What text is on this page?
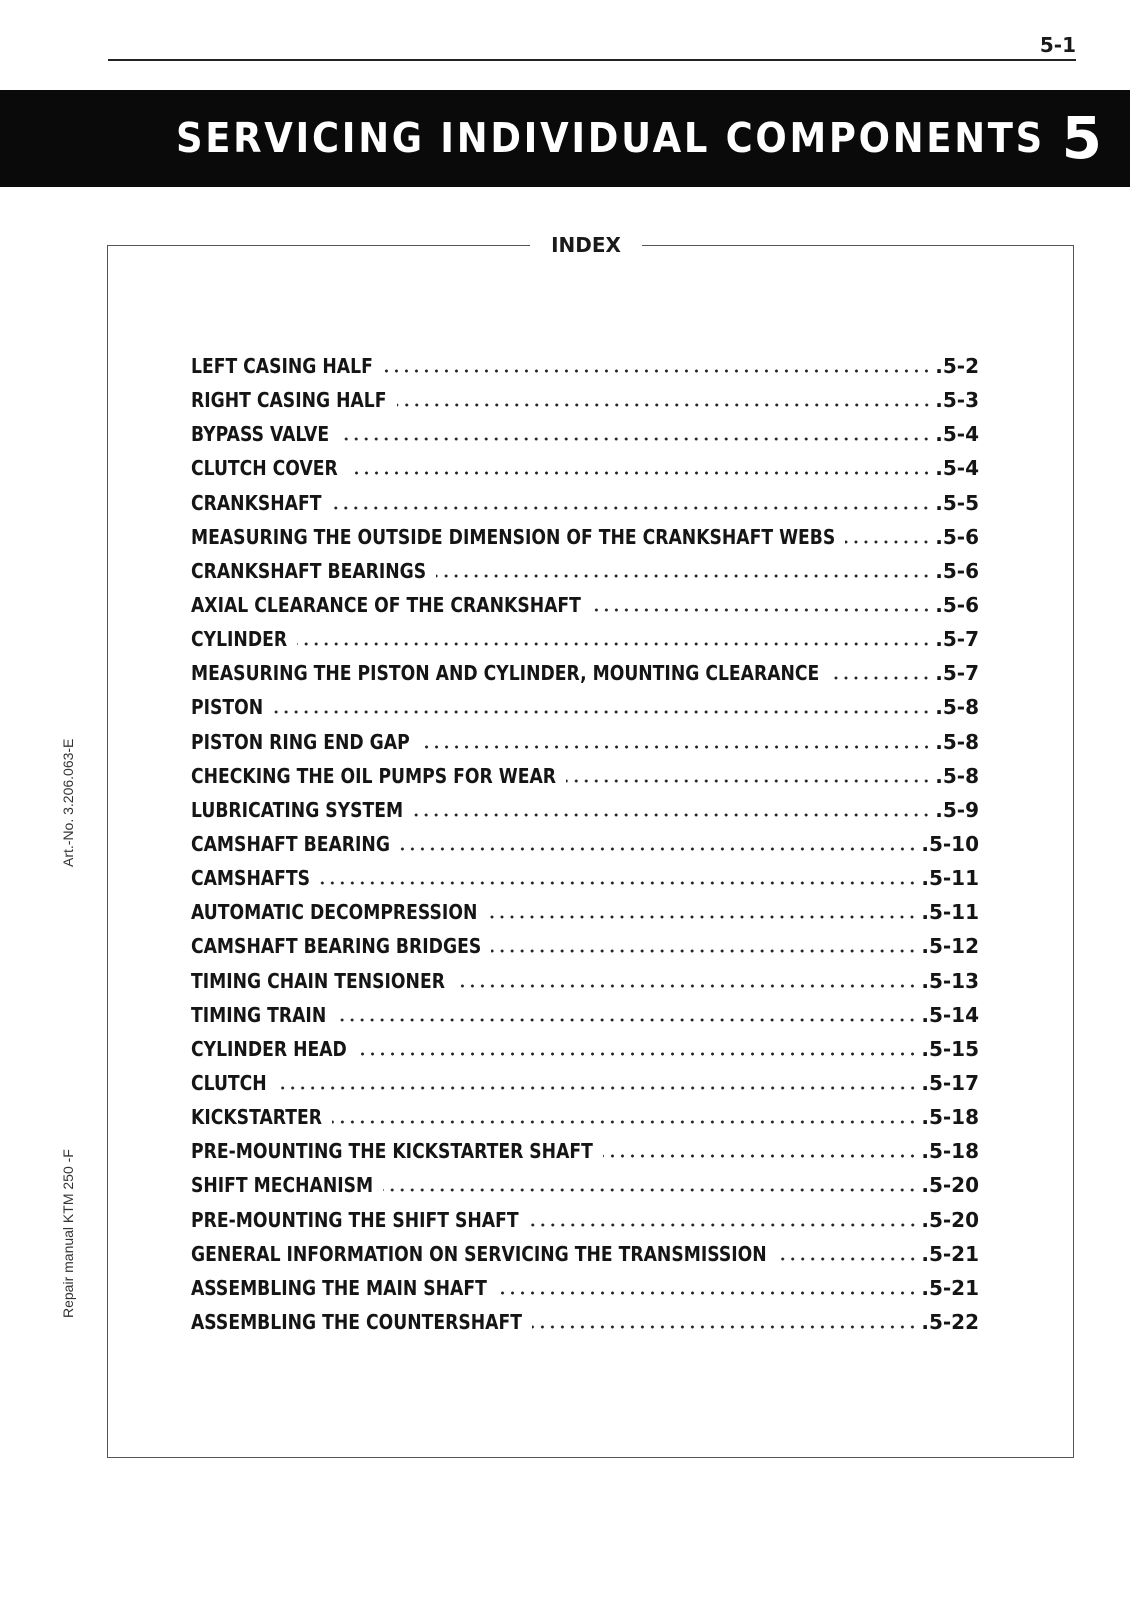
5-1
SERVICING INDIVIDUAL COMPONENTS 5
INDEX
LEFT CASING HALF	.5-2
RIGHT CASING HALF	.5-3
BYPASS VALVE	.5-4
CLUTCH COVER	.5-4
CRANKSHAFT	.5-5
MEASURING THE OUTSIDE DIMENSION OF THE CRANKSHAFT WEBS	.5-6
CRANKSHAFT BEARINGS	.5-6
AXIAL CLEARANCE OF THE CRANKSHAFT	.5-6
CYLINDER	.5-7
MEASURING THE PISTON AND CYLINDER, MOUNTING CLEARANCE	.5-7
PISTON	.5-8
PISTON RING END GAP	.5-8
CHECKING THE OIL PUMPS FOR WEAR	.5-8
LUBRICATING SYSTEM	.5-9
CAMSHAFT BEARING	.5-10
CAMSHAFTS	.5-11
AUTOMATIC DECOMPRESSION	.5-11
CAMSHAFT BEARING BRIDGES	.5-12
TIMING CHAIN TENSIONER	.5-13
TIMING TRAIN	.5-14
CYLINDER HEAD	.5-15
CLUTCH	.5-17
KICKSTARTER	.5-18
PRE-MOUNTING THE KICKSTARTER SHAFT	.5-18
SHIFT MECHANISM	.5-20
PRE-MOUNTING THE SHIFT SHAFT	.5-20
GENERAL INFORMATION ON SERVICING THE TRANSMISSION	.5-21
ASSEMBLING THE MAIN SHAFT	.5-21
ASSEMBLING THE COUNTERSHAFT	.5-22
Art.-No. 3.206.063-E
Repair manual KTM 250 -F
